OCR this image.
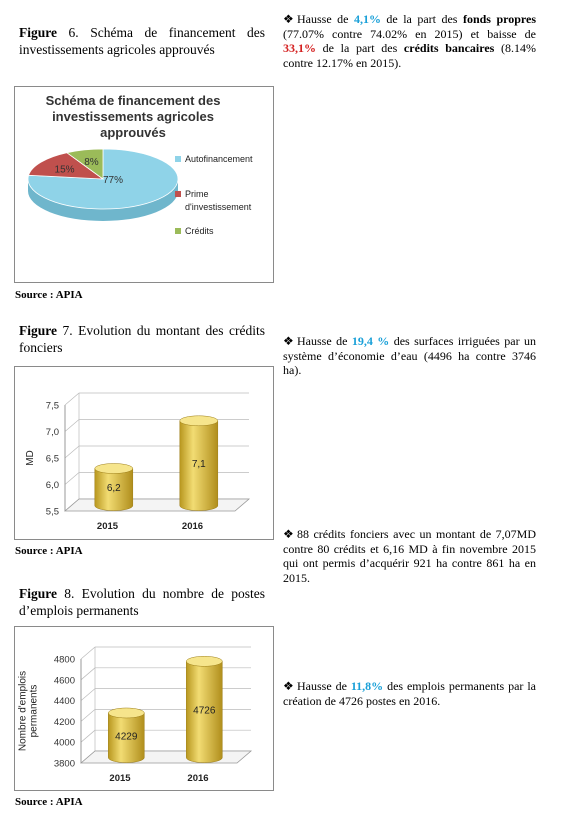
Figure 6. Schéma de financement des investissements agricoles approuvés
Schéma de financement des
investissements agricoles
approuvés
77%
15%
8%	Autofinancement
Prime
d'investissement
Crédits
Source : APIA
Figure 7. Evolution du montant des crédits fonciers
5,5
6,0
6,5
7,0
7,5
MD
6,2
2015
7,1
2016
Source : APIA
Figure 8. Evolution du nombre de postes d’emplois permanents
3800
4000
4200
4400
4600
4800
Nombre d'emplois permanents	4229
2015
4726
2016
Source : APIA
❖ Hausse de 4,1% de la part des fonds propres (77.07% contre 74.02% en 2015) et baisse de 33,1% de la part des crédits bancaires (8.14% contre 12.17% en 2015).
❖ Hausse de 19,4 % des surfaces irriguées par un système d’économie d’eau (4496 ha contre 3746 ha).
❖ 88 crédits fonciers avec un montant de 7,07MD contre 80 crédits et 6,16 MD à fin novembre 2015 qui ont permis d’acquérir 921 ha contre 861 ha en 2015.
❖ Hausse de 11,8% des emplois permanents par la création de 4726 postes en 2016.
